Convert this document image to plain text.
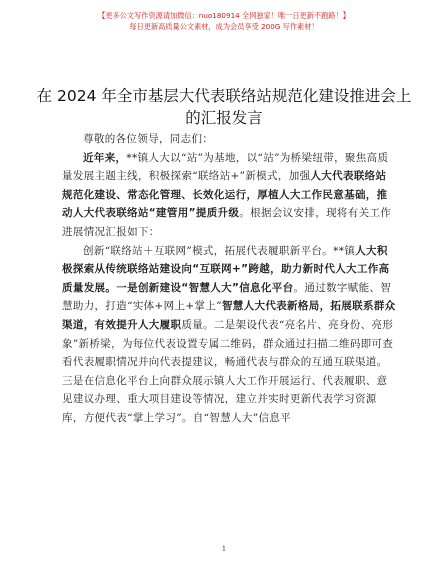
【更多公文写作资源请加微信：nuo180914 全网独家！唯一日更新不跑路！】
每日更新高质量公文素材，成为会员享受 200G 写作素材！
在 2024 年全市基层大代表联络站规范化建设推进会上的汇报发言

尊敬的各位领导，同志们：

近年来，**镇人大以“站”为基地，以“站”为桥梁纽带，聚焦高质量发展主题主线，积极探索“联络站+”新模式，加强人大代表联络站规范化建设、常态化管理、长效化运行，厚植人大工作民意基础，推动人大代表联络站“建管用”提质升级。根据会议安排，现将有关工作进展情况汇报如下：

创新“联络站＋互联网”模式，拓展代表履职新平台。**镇人大积极探索从传统联络站建设向“互联网+”跨越，助力新时代人大工作高质量发展。一是创新建设“智慧人大”信息化平台。通过数字赋能、智慧助力，打造“实体+网上+掌上”智慧人大代表新格局，拓展联系群众渠道，有效提升人大履职质量。二是架设代表“亮名片、亮身份、亮形象”新桥梁，为每位代表设置专属二维码，群众通过扫描二维码即可查看代表履职情况并向代表提建议，畅通代表与群众的互通互联渠道。三是在信息化平台上向群众展示镇人大工作开展运行、代表履职、意见建议办理、重大项目建设等情况，建立并实时更新代表学习资源库，方便代表“掌上学习”。自“智慧人大”信息平

1
